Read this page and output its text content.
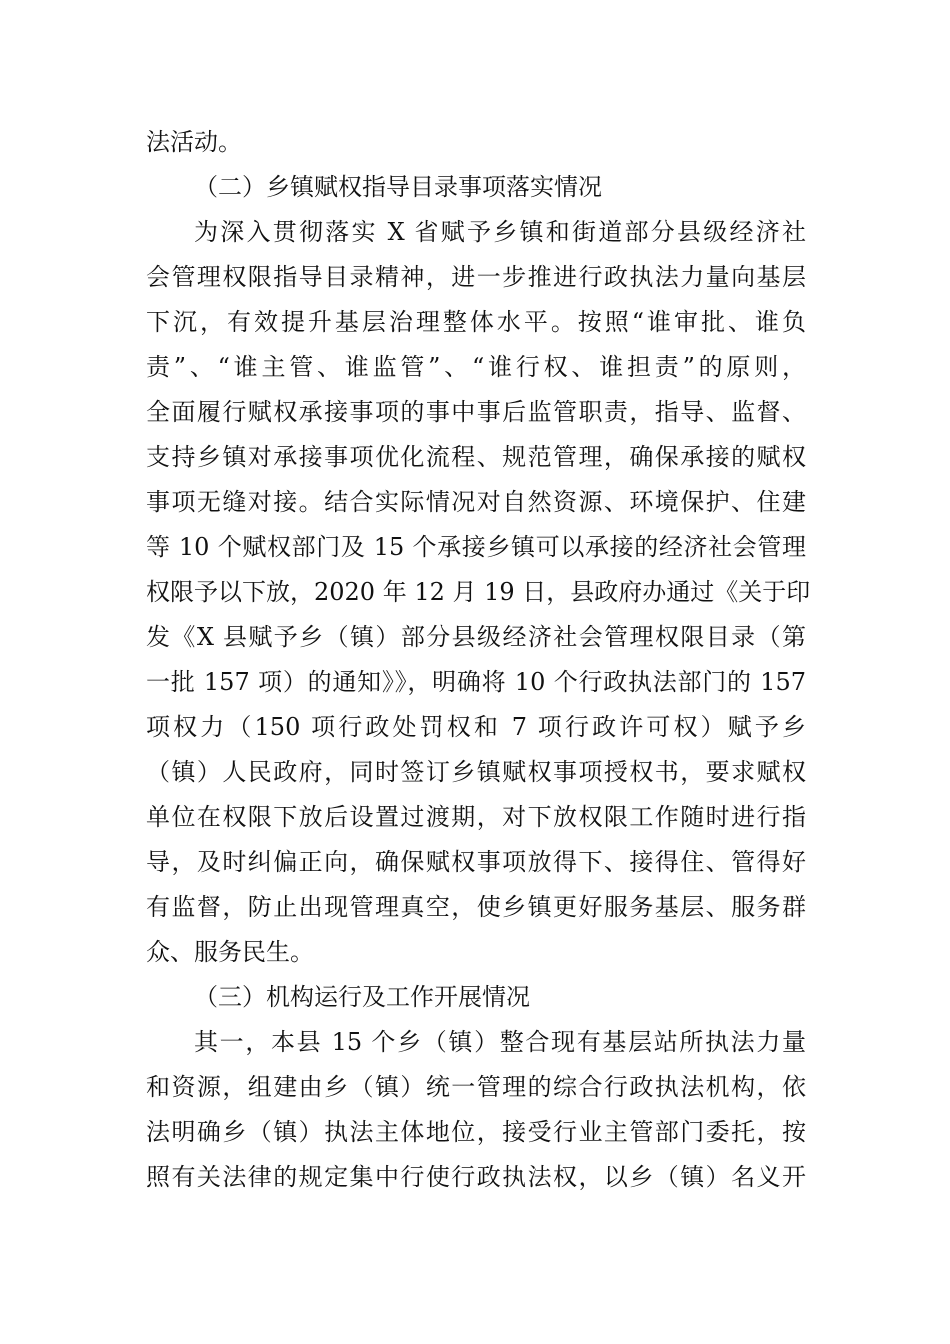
法活动。
（二）乡镇赋权指导目录事项落实情况
为深入贯彻落实 X 省赋予乡镇和街道部分县级经济社
会管理权限指导目录精神，进一步推进行政执法力量向基层
下沉，有效提升基层治理整体水平。按照“谁审批、谁负
责”、“谁主管、谁监管”、“谁行权、谁担责”的原则，
全面履行赋权承接事项的事中事后监管职责，指导、监督、
支持乡镇对承接事项优化流程、规范管理，确保承接的赋权
事项无缝对接。结合实际情况对自然资源、环境保护、住建
等 10 个赋权部门及 15 个承接乡镇可以承接的经济社会管理
权限予以下放，2020 年 12 月 19 日，县政府办通过《关于印
发《X 县赋予乡（镇）部分县级经济社会管理权限目录（第
一批 157 项）的通知》》，明确将 10 个行政执法部门的 157
项权力（150 项行政处罚权和 7 项行政许可权）赋予乡
（镇）人民政府，同时签订乡镇赋权事项授权书，要求赋权
单位在权限下放后设置过渡期，对下放权限工作随时进行指
导，及时纠偏正向，确保赋权事项放得下、接得住、管得好
有监督，防止出现管理真空，使乡镇更好服务基层、服务群
众、服务民生。
（三）机构运行及工作开展情况
其一，本县 15 个乡（镇）整合现有基层站所执法力量
和资源，组建由乡（镇）统一管理的综合行政执法机构，依
法明确乡（镇）执法主体地位，接受行业主管部门委托，按
照有关法律的规定集中行使行政执法权，以乡（镇）名义开
